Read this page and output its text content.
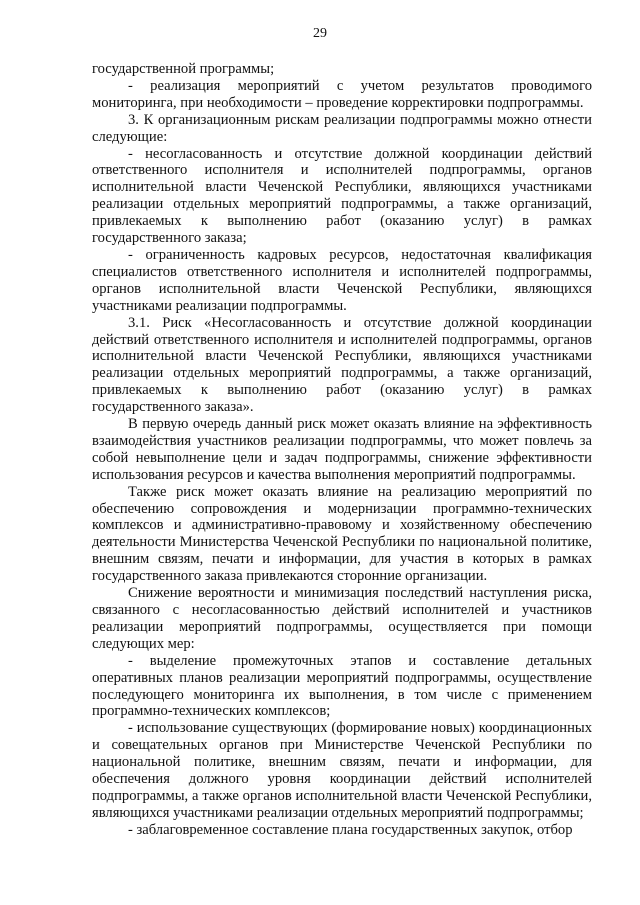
29

государственной программы;

- реализация мероприятий с учетом результатов проводимого мониторинга, при необходимости – проведение корректировки подпрограммы.

3. К организационным рискам реализации подпрограммы можно отнести следующие:

- несогласованность и отсутствие должной координации действий ответственного исполнителя и исполнителей подпрограммы, органов исполнительной власти Чеченской Республики, являющихся участниками реализации отдельных мероприятий подпрограммы, а также организаций, привлекаемых к выполнению работ (оказанию услуг) в рамках государственного заказа;

- ограниченность кадровых ресурсов, недостаточная квалификация специалистов ответственного исполнителя и исполнителей подпрограммы, органов исполнительной власти Чеченской Республики, являющихся участниками реализации подпрограммы.

3.1. Риск «Несогласованность и отсутствие должной координации действий ответственного исполнителя и исполнителей подпрограммы, органов исполнительной власти Чеченской Республики, являющихся участниками реализации отдельных мероприятий подпрограммы, а также организаций, привлекаемых к выполнению работ (оказанию услуг) в рамках государственного заказа».

В первую очередь данный риск может оказать влияние на эффективность взаимодействия участников реализации подпрограммы, что может повлечь за собой невыполнение цели и задач подпрограммы, снижение эффективности использования ресурсов и качества выполнения мероприятий подпрограммы.

Также риск может оказать влияние на реализацию мероприятий по обеспечению сопровождения и модернизации программно-технических комплексов и административно-правовому и хозяйственному обеспечению деятельности Министерства Чеченской Республики по национальной политике, внешним связям, печати и информации, для участия в которых в рамках государственного заказа привлекаются сторонние организации.

Снижение вероятности и минимизация последствий наступления риска, связанного с несогласованностью действий исполнителей и участников реализации мероприятий подпрограммы, осуществляется при помощи следующих мер:

- выделение промежуточных этапов и составление детальных оперативных планов реализации мероприятий подпрограммы, осуществление последующего мониторинга их выполнения, в том числе с применением программно-технических комплексов;

- использование существующих (формирование новых) координационных и совещательных органов при Министерстве Чеченской Республики по национальной политике, внешним связям, печати и информации, для обеспечения должного уровня координации действий исполнителей подпрограммы, а также органов исполнительной власти Чеченской Республики, являющихся участниками реализации отдельных мероприятий подпрограммы;

- заблаговременное составление плана государственных закупок, отбор
